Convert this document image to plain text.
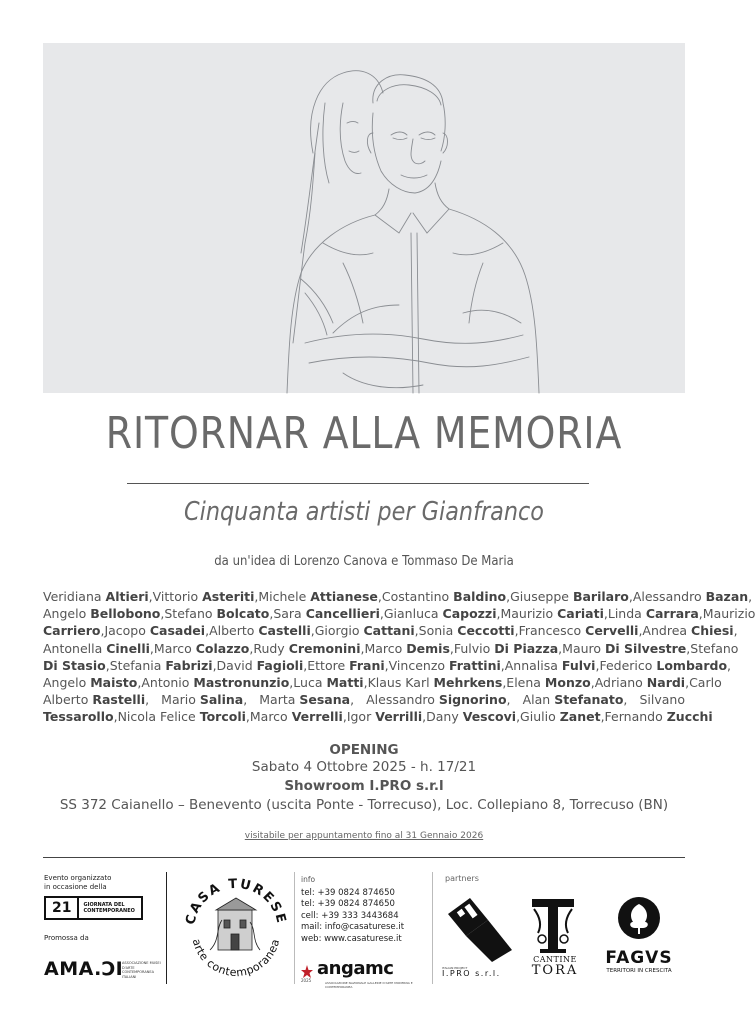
RITORNAR ALLA MEMORIA
Cinquanta artisti per Gianfranco
da un'idea di Lorenzo Canova e Tommaso De Maria
Veridiana Altieri, Vittorio Asteriti, Michele Attianese, Costantino Baldino, Giuseppe Barilaro, Alessandro Bazan,
Angelo Bellobono, Stefano Bolcato, Sara Cancellieri, Gianluca Capozzi, Maurizio Cariati, Linda Carrara, Maurizio
Carriero, Jacopo Casadei, Alberto Castelli, Giorgio Cattani, Sonia Ceccotti, Francesco Cervelli, Andrea Chiesi,
Antonella Cinelli, Marco Colazzo, Rudy Cremonini, Marco Demis, Fulvio Di Piazza, Mauro Di Silvestre, Stefano
Di Stasio, Stefania Fabrizi, David Fagioli, Ettore Frani, Vincenzo Frattini, Annalisa Fulvi, Federico Lombardo,
Angelo Maisto, Antonio Mastronunzio, Luca Matti, Klaus Karl Mehrkens, Elena Monzo, Adriano Nardi, Carlo
Alberto Rastelli, Mario Salina, Marta Sesana, Alessandro Signorino, Alan Stefanato, Silvano
Tessarollo, Nicola Felice Torcoli, Marco Verrelli, Igor Verrilli, Dany Vescovi, Giulio Zanet, Fernando Zucchi
OPENING
Sabato 4 Ottobre 2025 - h. 17/21
Showroom I.PRO s.r.l
SS 372 Caianello – Benevento (uscita Ponte - Torrecuso), Loc. Collepiano 8, Torrecuso (BN)
visitabile per appuntamento fino al 31 Gennaio 2026
Evento organizzato
in occasione della
21	GIORNATA DEL
CONTEMPORANEO
Promossa da
AMA.ϽI
ASSOCIAZIONE MUSEI D'ARTE CONTEMPORANEA ITALIANI
CASA TURESE
arte contemporanea
info
tel: +39 0824 874650
tel: +39 0824 874650
cell: +39 333 3443684
mail: info@casaturese.it
web: www.casaturese.it
angamc
2025	ASSOCIAZIONE NAZIONALE GALLERIE D'ARTE MODERNA E CONTEMPORANEA
partners
ITALIAN PROJECT
I.PRO s.r.l.
CANTINE
TORA
FAGVS
TERRITORI IN CRESCITA
